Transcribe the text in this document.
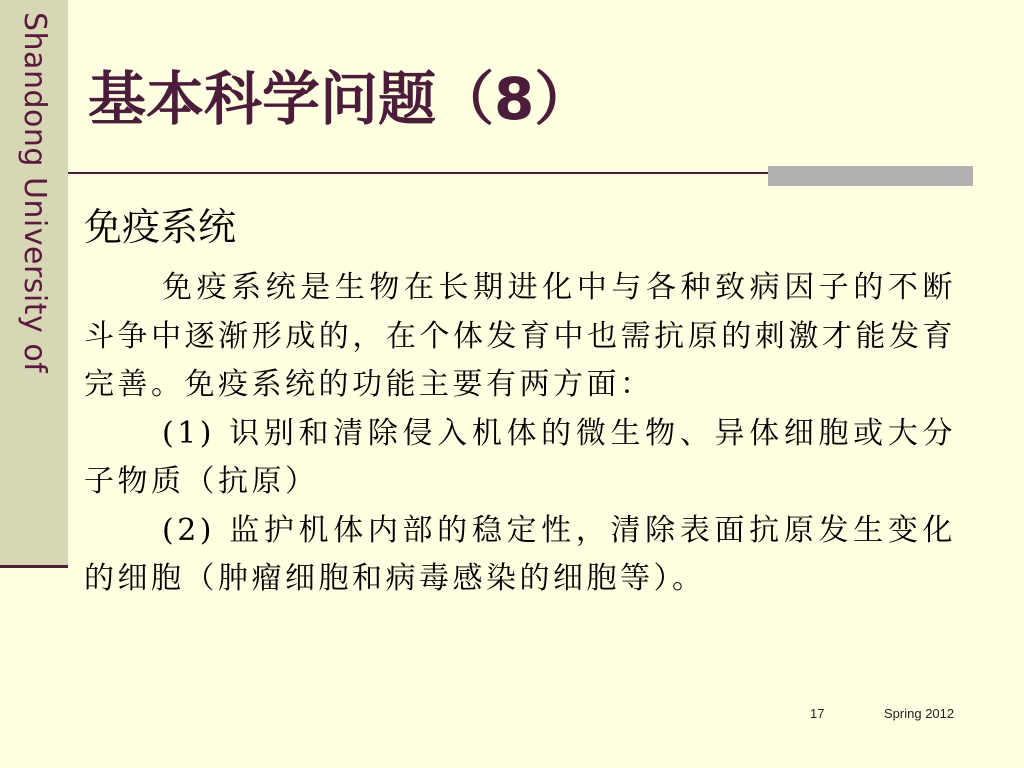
Shandong University of 基本科学问题（8）
免疫系统

免疫系统是生物在长期进化中与各种致病因子的不断斗争中逐渐形成的，在个体发育中也需抗原的刺激才能发育完善。免疫系统的功能主要有两方面：

(1) 识别和清除侵入机体的微生物、异体细胞或大分子物质（抗原）

(2) 监护机体内部的稳定性，清除表面抗原发生变化的细胞（肿瘤细胞和病毒感染的细胞等）。

17	Spring 2012
